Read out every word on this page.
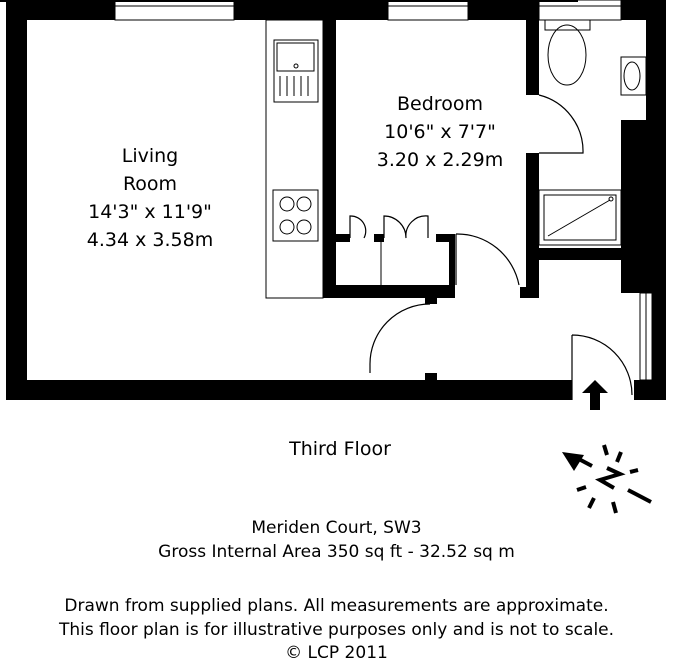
Living
Room
14'3" x 11'9"
4.34 x 3.58m
Bedroom
10'6" x 7'7"
3.20 x 2.29m
Third Floor
Meriden Court, SW3
Gross Internal Area 350 sq ft - 32.52 sq m
Drawn from supplied plans. All measurements are approximate.
This floor plan is for illustrative purposes only and is not to scale.
© LCP 2011
